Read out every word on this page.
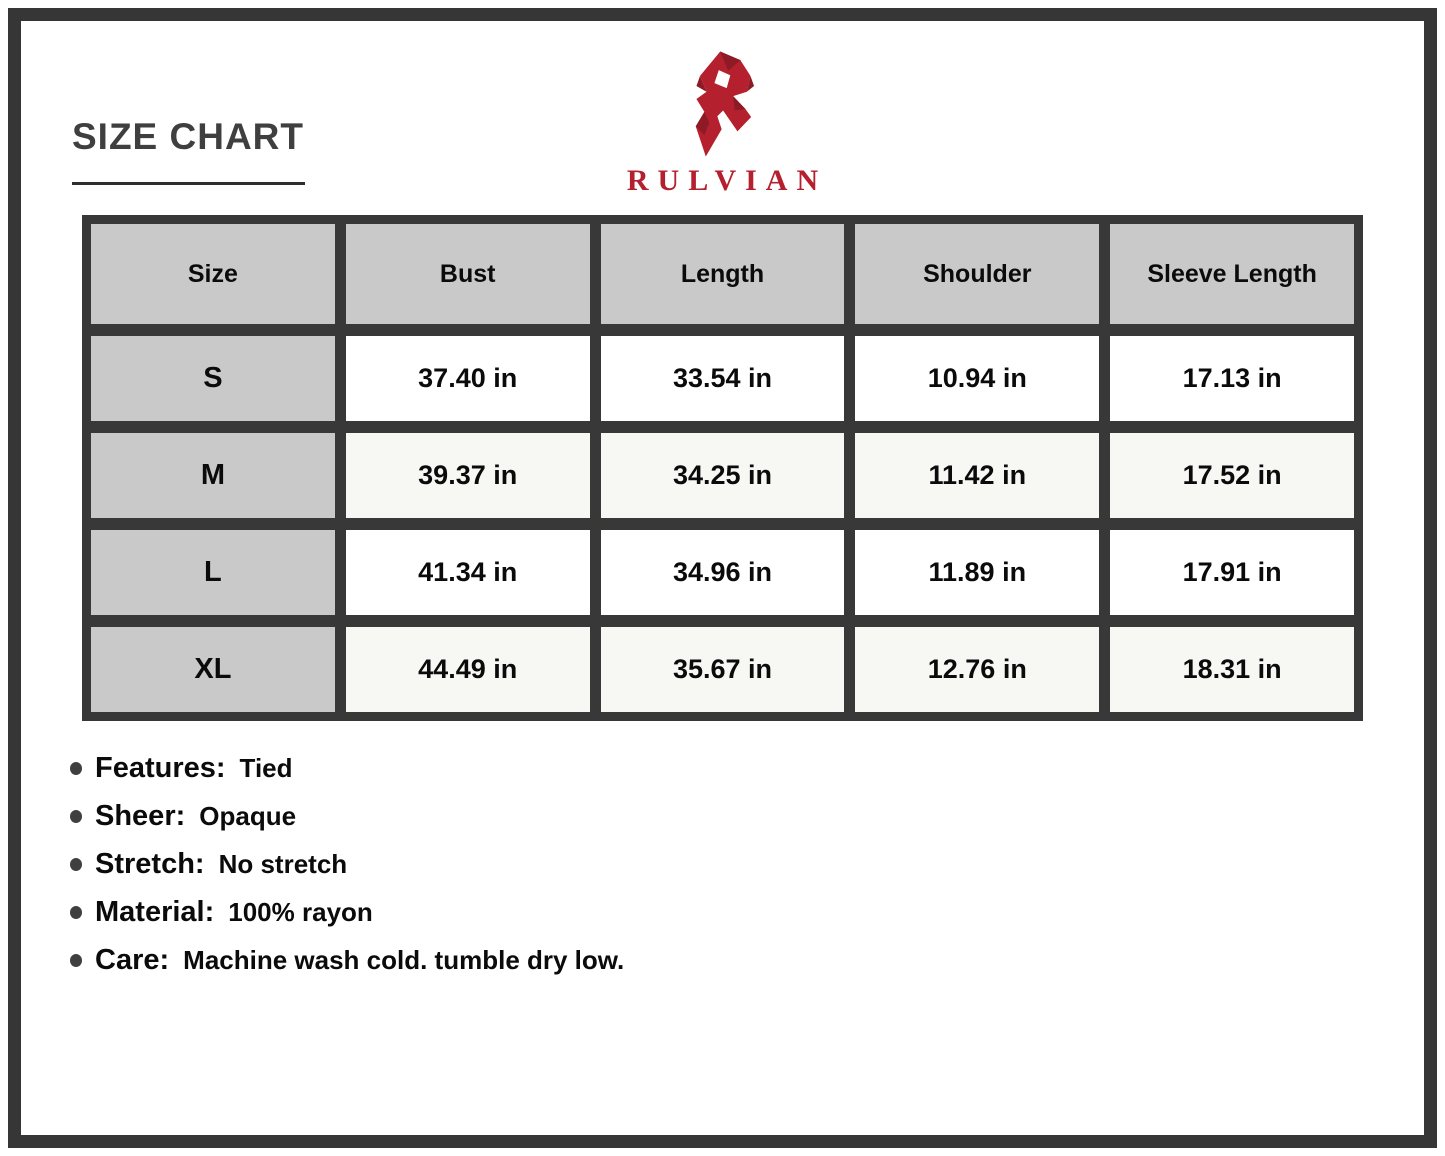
SIZE CHART
RULVIAN
Size	Bust	Length	Shoulder	Sleeve Length
S	37.40 in	33.54 in	10.94 in	17.13 in
M	39.37 in	34.25 in	11.42 in	17.52 in
L	41.34 in	34.96 in	11.89 in	17.91 in
XL	44.49 in	35.67 in	12.76 in	18.31 in
Features: Tied
Sheer: Opaque
Stretch: No stretch
Material: 100% rayon
Care: Machine wash cold. tumble dry low.
